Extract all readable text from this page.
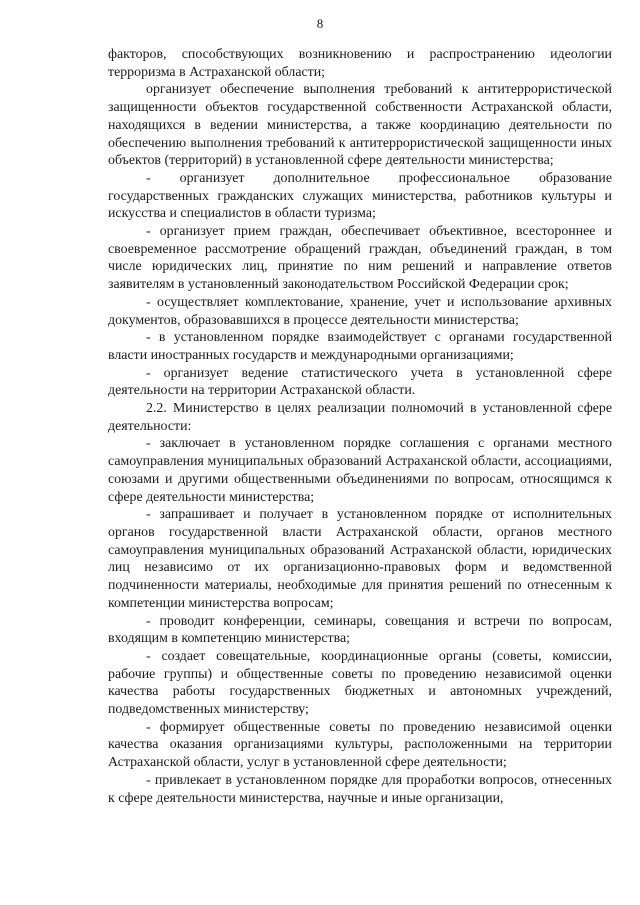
8

факторов, способствующих возникновению и распространению идеологии терроризма в Астраханской области;

организует обеспечение выполнения требований к антитеррористической защищенности объектов государственной собственности Астраханской области, находящихся в ведении министерства, а также координацию деятельности по обеспечению выполнения требований к антитеррористической защищенности иных объектов (территорий) в установленной сфере деятельности министерства;

- организует дополнительное профессиональное образование государственных гражданских служащих министерства, работников культуры и искусства и специалистов в области туризма;

- организует прием граждан, обеспечивает объективное, всестороннее и своевременное рассмотрение обращений граждан, объединений граждан, в том числе юридических лиц, принятие по ним решений и направление ответов заявителям в установленный законодательством Российской Федерации срок;

- осуществляет комплектование, хранение, учет и использование архивных документов, образовавшихся в процессе деятельности министерства;

- в установленном порядке взаимодействует с органами государственной власти иностранных государств и международными организациями;

- организует ведение статистического учета в установленной сфере деятельности на территории Астраханской области.

2.2. Министерство в целях реализации полномочий в установленной сфере деятельности:

- заключает в установленном порядке соглашения с органами местного самоуправления муниципальных образований Астраханской области, ассоциациями, союзами и другими общественными объединениями по вопросам, относящимся к сфере деятельности министерства;

- запрашивает и получает в установленном порядке от исполнительных органов государственной власти Астраханской области, органов местного самоуправления муниципальных образований Астраханской области, юридических лиц независимо от их организационно-правовых форм и ведомственной подчиненности материалы, необходимые для принятия решений по отнесенным к компетенции министерства вопросам;

- проводит конференции, семинары, совещания и встречи по вопросам, входящим в компетенцию министерства;

- создает совещательные, координационные органы (советы, комиссии, рабочие группы) и общественные советы по проведению независимой оценки качества работы государственных бюджетных и автономных учреждений, подведомственных министерству;

- формирует общественные советы по проведению независимой оценки качества оказания организациями культуры, расположенными на территории Астраханской области, услуг в установленной сфере деятельности;

- привлекает в установленном порядке для проработки вопросов, отнесенных к сфере деятельности министерства, научные и иные организации,
